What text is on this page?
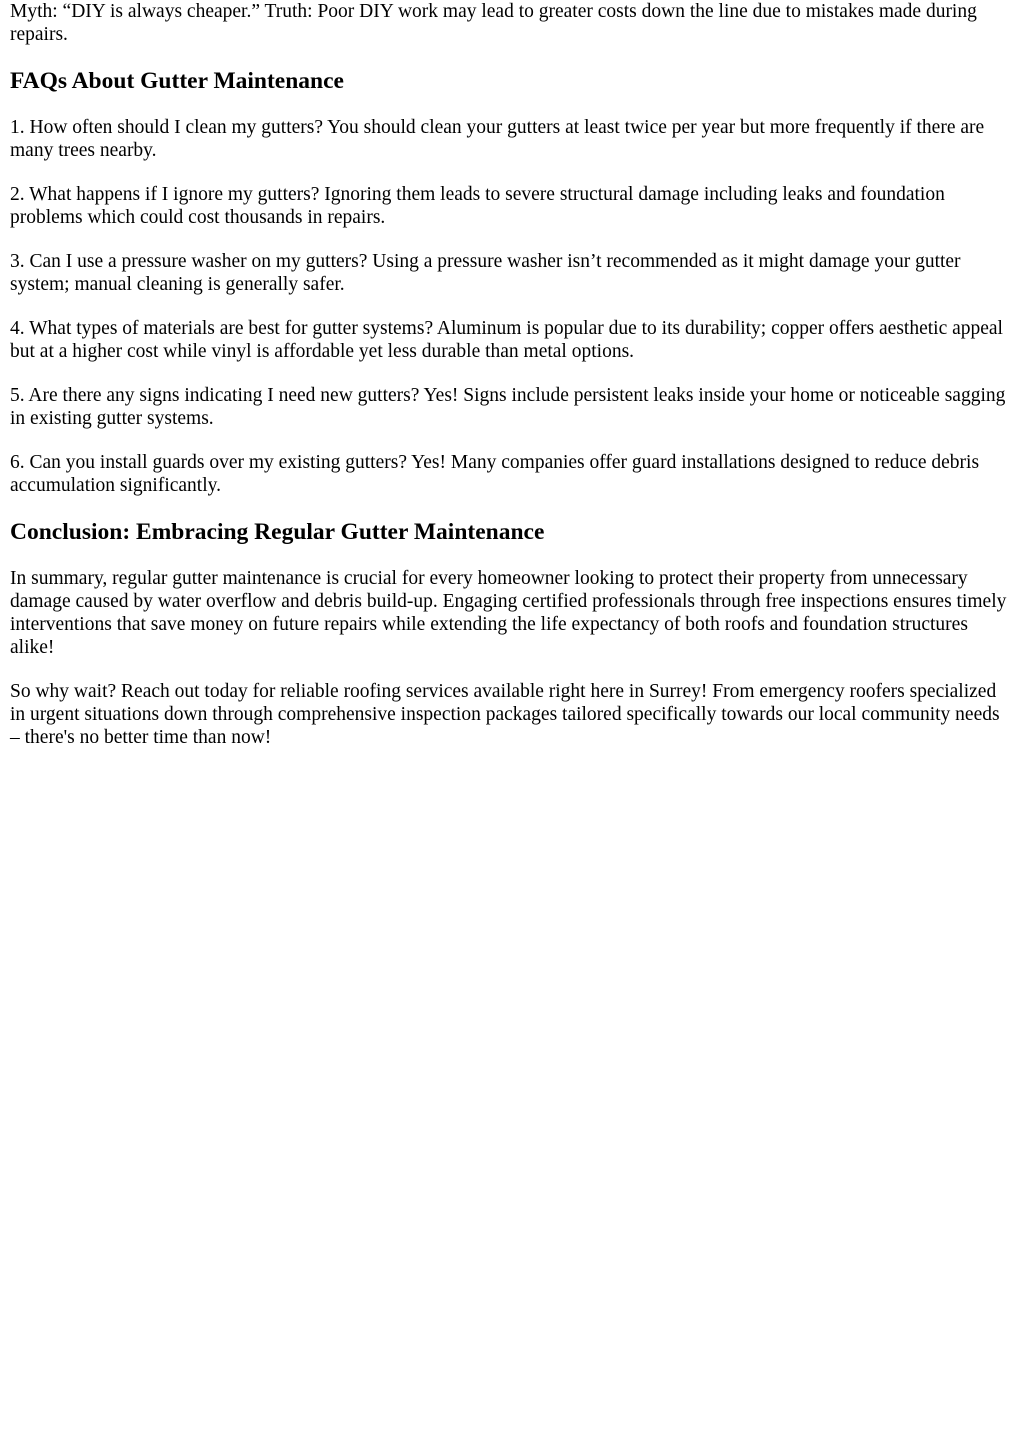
Myth: “DIY is always cheaper.” Truth: Poor DIY work may lead to greater costs down the line due to mistakes made during repairs.

FAQs About Gutter Maintenance

1. How often should I clean my gutters? You should clean your gutters at least twice per year but more frequently if there are many trees nearby.

2. What happens if I ignore my gutters? Ignoring them leads to severe structural damage including leaks and foundation problems which could cost thousands in repairs.

3. Can I use a pressure washer on my gutters? Using a pressure washer isn’t recommended as it might damage your gutter system; manual cleaning is generally safer.

4. What types of materials are best for gutter systems? Aluminum is popular due to its durability; copper offers aesthetic appeal but at a higher cost while vinyl is affordable yet less durable than metal options.

5. Are there any signs indicating I need new gutters? Yes! Signs include persistent leaks inside your home or noticeable sagging in existing gutter systems.

6. Can you install guards over my existing gutters? Yes! Many companies offer guard installations designed to reduce debris accumulation significantly.

Conclusion: Embracing Regular Gutter Maintenance

In summary, regular gutter maintenance is crucial for every homeowner looking to protect their property from unnecessary damage caused by water overflow and debris build-up. Engaging certified professionals through free inspections ensures timely interventions that save money on future repairs while extending the life expectancy of both roofs and foundation structures alike!

So why wait? Reach out today for reliable roofing services available right here in Surrey! From emergency roofers specialized in urgent situations down through comprehensive inspection packages tailored specifically towards our local community needs – there's no better time than now!
